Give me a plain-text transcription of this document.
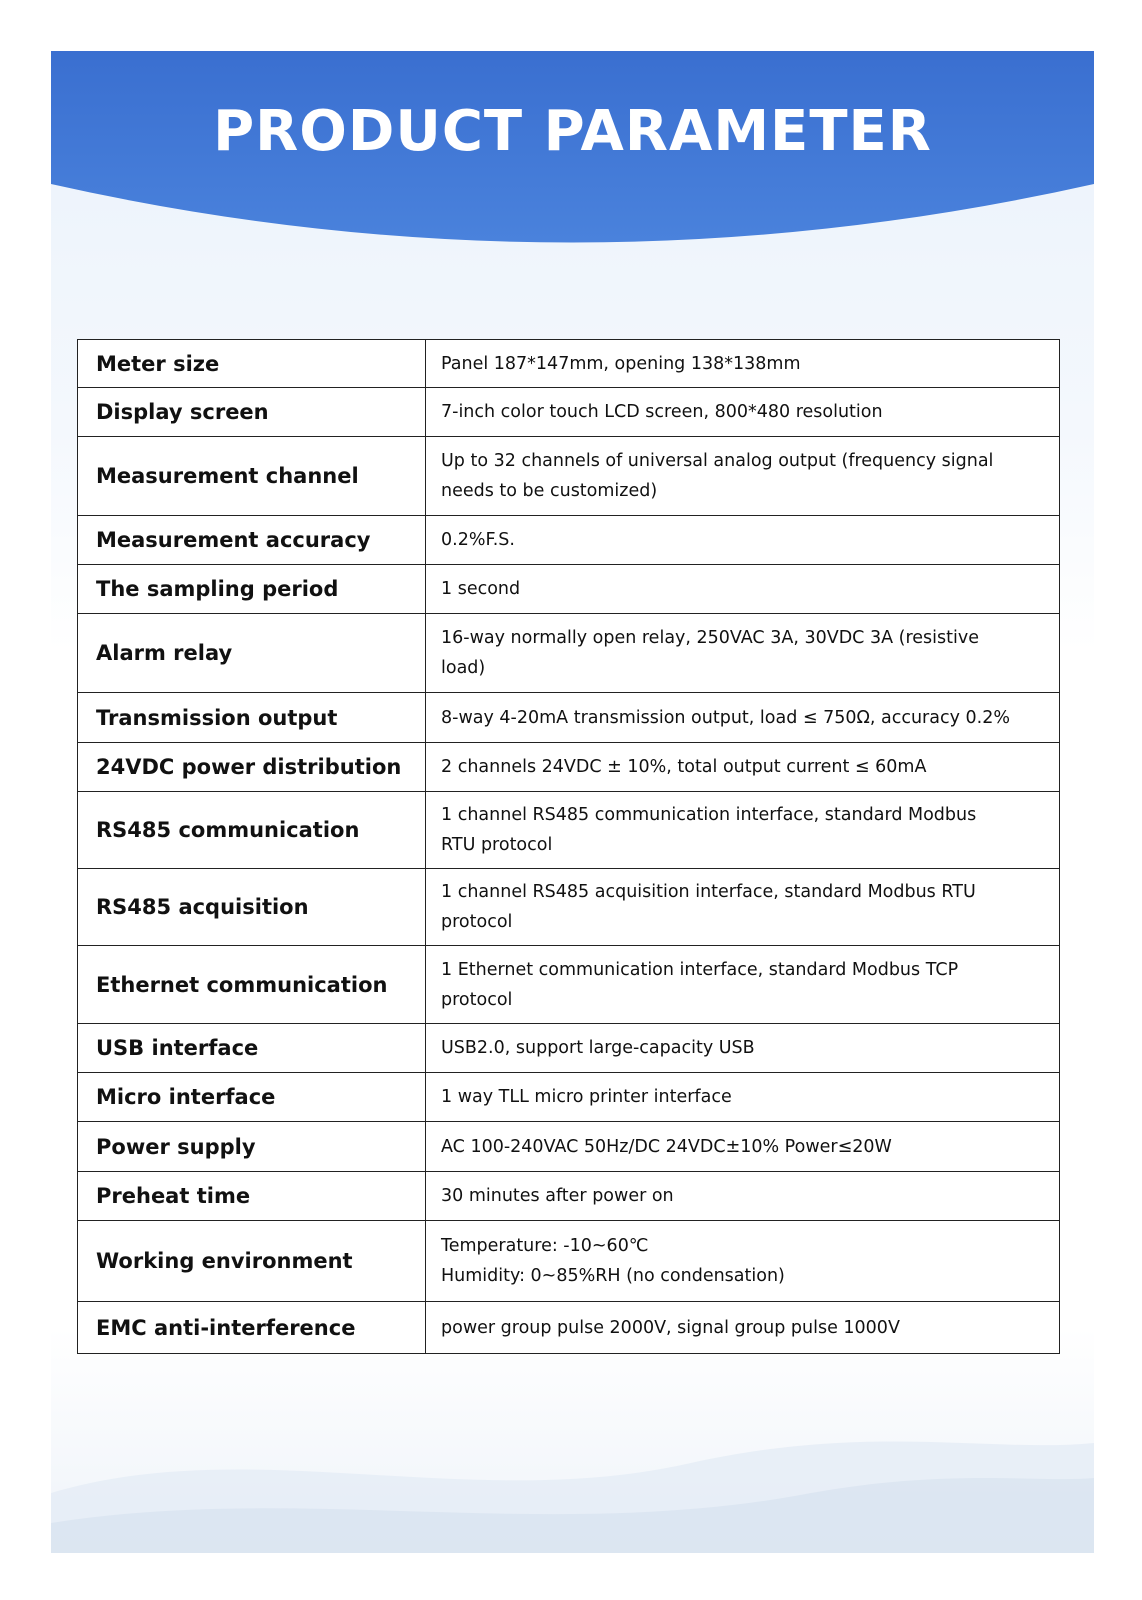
PRODUCT PARAMETER
Meter size	Panel 187*147mm, opening 138*138mm

Display screen	7-inch color touch LCD screen, 800*480 resolution

Measurement channel	Up to 32 channels of universal analog output (frequency signal
needs to be customized)

Measurement accuracy	0.2%F.S.

The sampling period	1 second

Alarm relay	16-way normally open relay, 250VAC 3A, 30VDC 3A (resistive
load)

Transmission output	8-way 4-20mA transmission output, load ≤ 750Ω, accuracy 0.2%

24VDC power distribution	2 channels 24VDC ± 10%, total output current ≤ 60mA

RS485 communication	1 channel RS485 communication interface, standard Modbus
RTU protocol

RS485 acquisition	1 channel RS485 acquisition interface, standard Modbus RTU
protocol

Ethernet communication	1 Ethernet communication interface, standard Modbus TCP
protocol

USB interface	USB2.0, support large-capacity USB

Micro interface	1 way TLL micro printer interface

Power supply	AC 100-240VAC 50Hz/DC 24VDC±10% Power≤20W

Preheat time	30 minutes after power on

Working environment	Temperature: -10~60℃
Humidity: 0~85%RH (no condensation)

EMC anti-interference	power group pulse 2000V, signal group pulse 1000V
